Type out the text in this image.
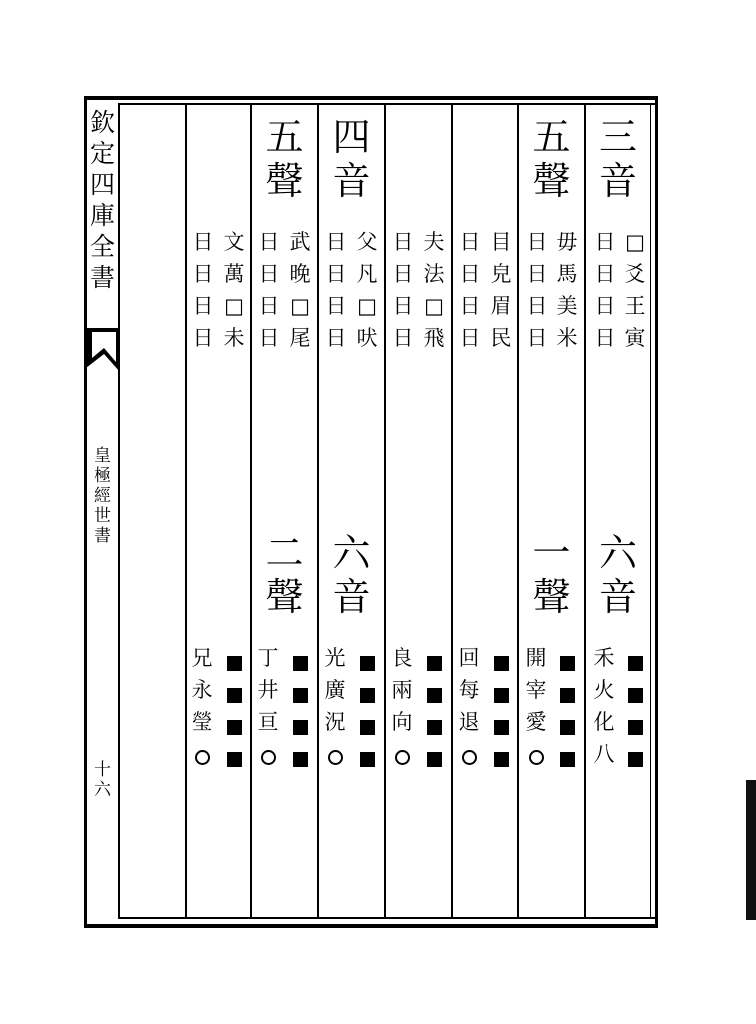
欽
定
四
庫
全
書
皇
極
經
世
書
十
六
三
音
□
爻
王
寅
日
日
日
日
六
音
禾
火
化
八
五
聲
毋
馬
美
米
日
日
日
日
一
聲
開
宰
愛
目
皃
眉
民
日
日
日
日
回
每
退
夫
法
□
飛
日
日
日
日
良
兩
向
四
音
父
凡
□
吠
日
日
日
日
六
音
光
廣
況
五
聲
武
晚
□
尾
日
日
日
日
二
聲
丁
井
亘
文
萬
□
未
日
日
日
日
兄
永
瑩
